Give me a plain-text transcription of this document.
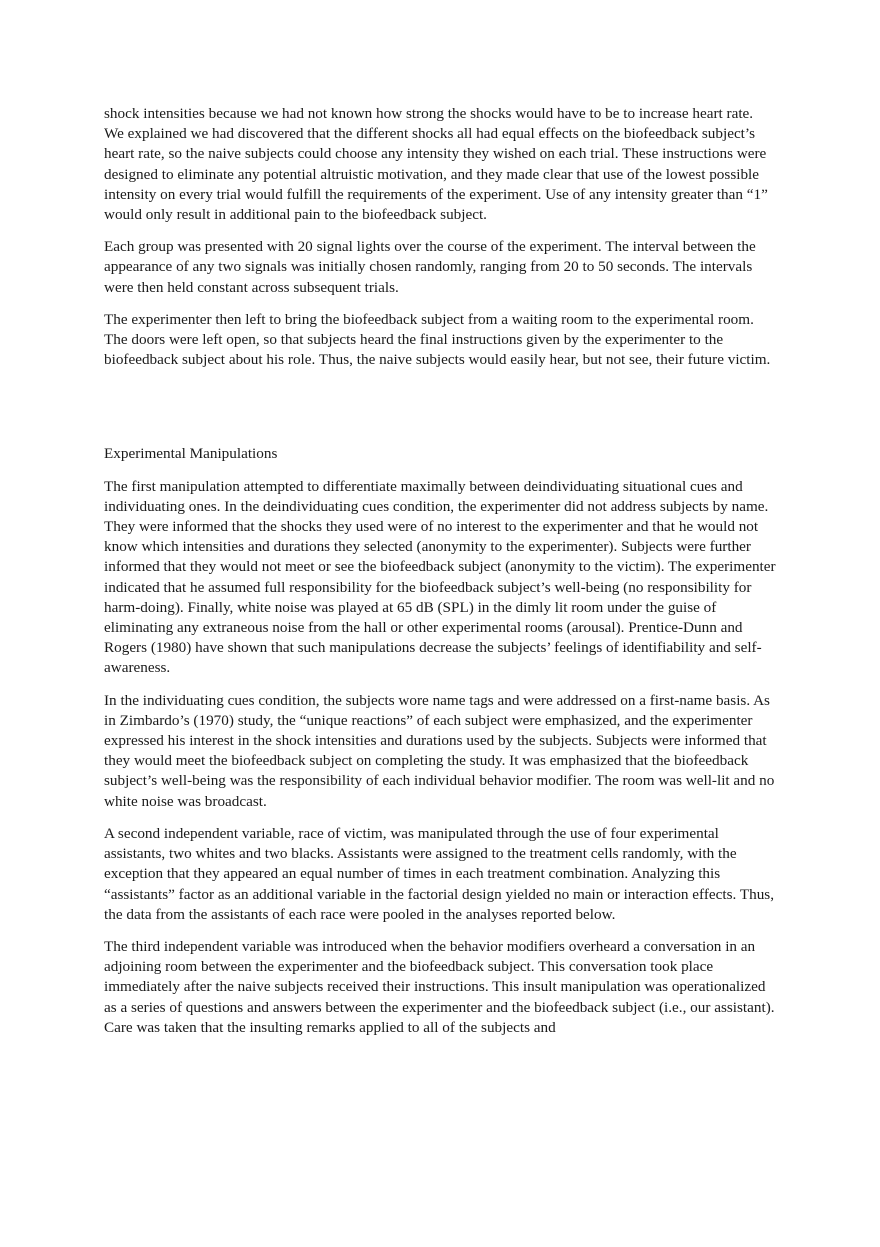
shock intensities because we had not known how strong the shocks would have to be to increase heart rate. We explained we had discovered that the different shocks all had equal effects on the biofeedback subject’s heart rate, so the naive subjects could choose any intensity they wished on each trial. These instructions were designed to eliminate any potential altruistic motivation, and they made clear that use of the lowest possible intensity on every trial would fulfill the requirements of the experiment. Use of any intensity greater than “1” would only result in additional pain to the biofeedback subject.

Each group was presented with 20 signal lights over the course of the experiment. The interval between the appearance of any two signals was initially chosen randomly, ranging from 20 to 50 seconds. The intervals were then held constant across subsequent trials.

The experimenter then left to bring the biofeedback subject from a waiting room to the experimental room. The doors were left open, so that subjects heard the final instructions given by the experimenter to the biofeedback subject about his role. Thus, the naive subjects would easily hear, but not see, their future victim.

Experimental Manipulations

The first manipulation attempted to differentiate maximally between deindividuating situational cues and individuating ones. In the deindividuating cues condition, the experimenter did not address subjects by name. They were informed that the shocks they used were of no interest to the experimenter and that he would not know which intensities and durations they selected (anonymity to the experimenter). Subjects were further informed that they would not meet or see the biofeedback subject (anonymity to the victim). The experimenter indicated that he assumed full responsibility for the biofeedback subject’s well-being (no responsibility for harm-doing). Finally, white noise was played at 65 dB (SPL) in the dimly lit room under the guise of eliminating any extraneous noise from the hall or other experimental rooms (arousal). Prentice-Dunn and Rogers (1980) have shown that such manipulations decrease the subjects’ feelings of identifiability and self-awareness.

In the individuating cues condition, the subjects wore name tags and were addressed on a first-name basis. As in Zimbardo’s (1970) study, the “unique reactions” of each subject were emphasized, and the experimenter expressed his interest in the shock intensities and durations used by the subjects. Subjects were informed that they would meet the biofeedback subject on completing the study. It was emphasized that the biofeedback subject’s well-being was the responsibility of each individual behavior modifier. The room was well-lit and no white noise was broadcast.

A second independent variable, race of victim, was manipulated through the use of four experimental assistants, two whites and two blacks. Assistants were assigned to the treatment cells randomly, with the exception that they appeared an equal number of times in each treatment combination. Analyzing this “assistants” factor as an additional variable in the factorial design yielded no main or interaction effects. Thus, the data from the assistants of each race were pooled in the analyses reported below.

The third independent variable was introduced when the behavior modifiers overheard a conversation in an adjoining room between the experimenter and the biofeedback subject. This conversation took place immediately after the naive subjects received their instructions. This insult manipulation was operationalized as a series of questions and answers between the experimenter and the biofeedback subject (i.e., our assistant). Care was taken that the insulting remarks applied to all of the subjects and
